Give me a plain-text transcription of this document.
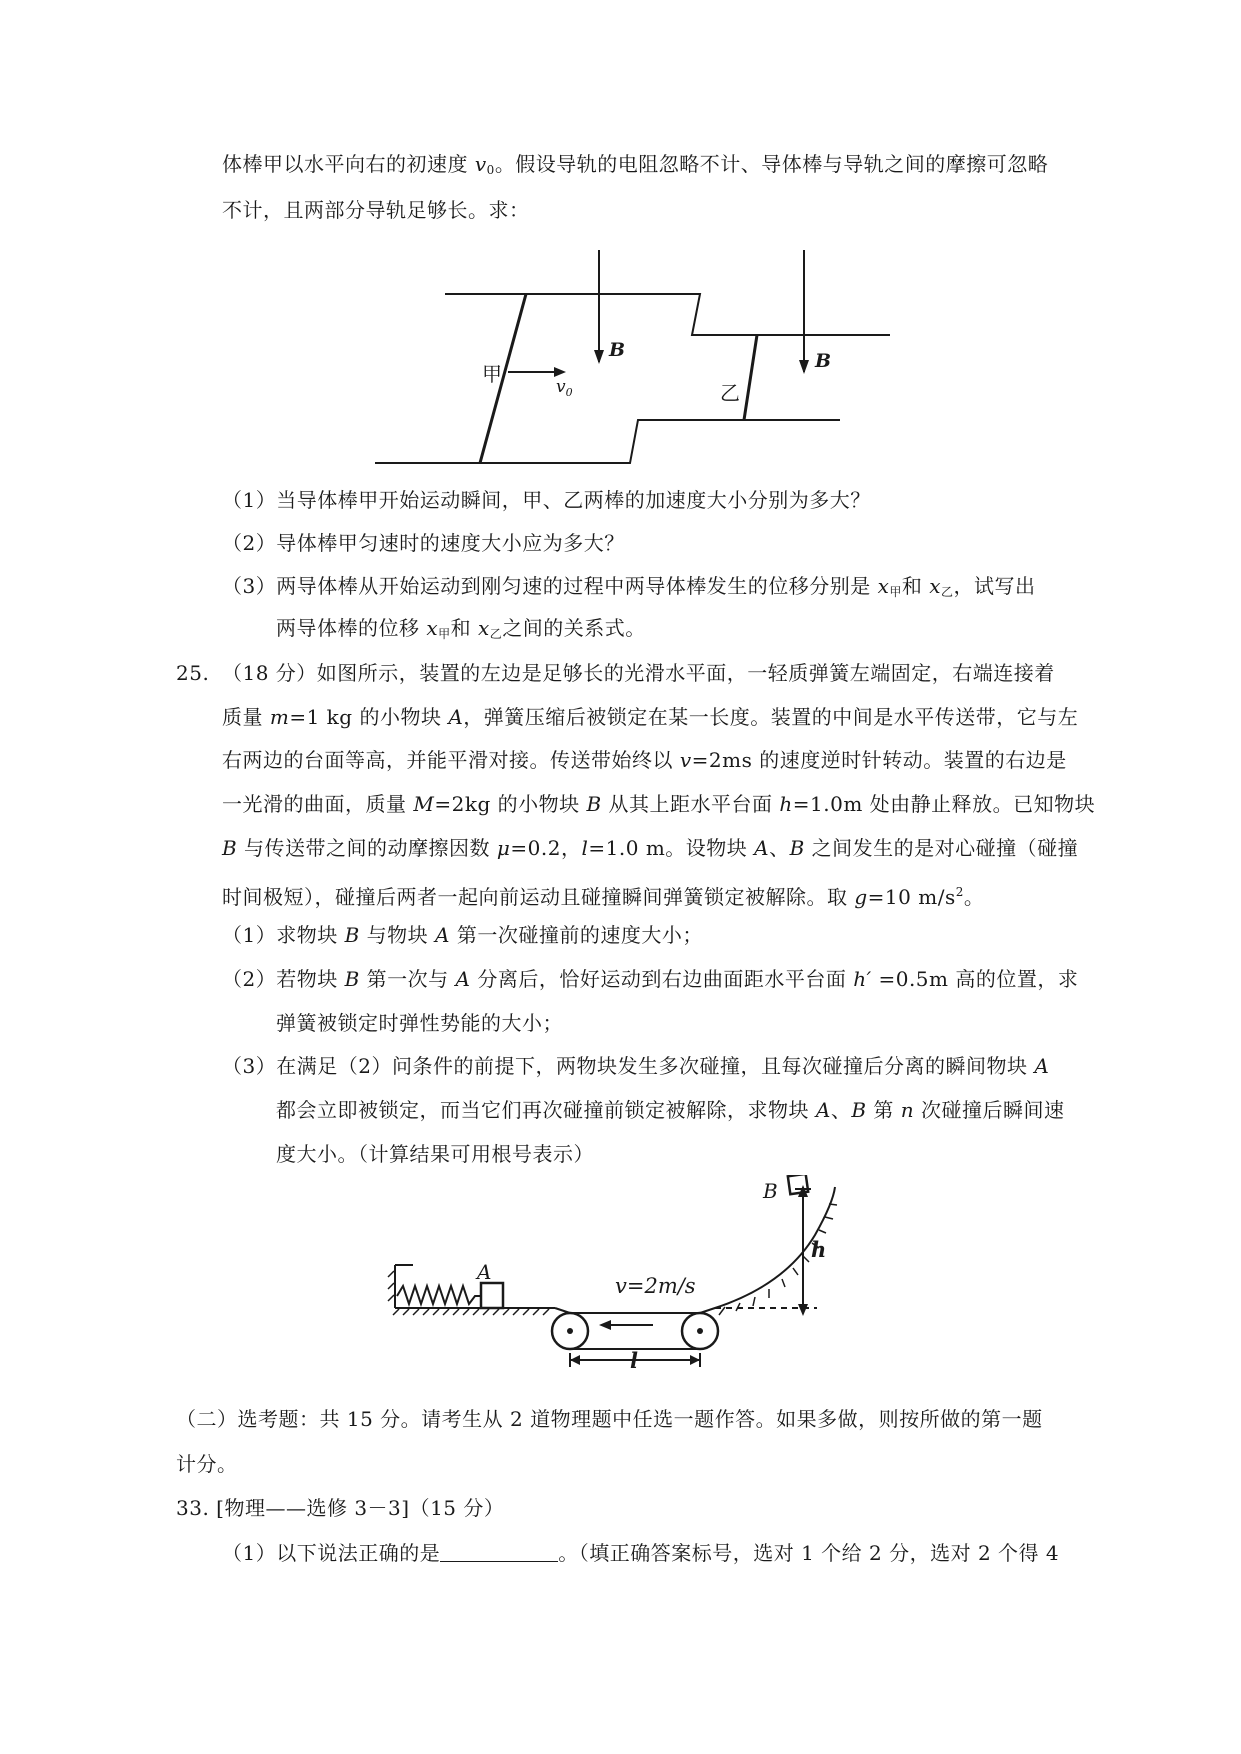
体棒甲以水平向右的初速度 $v_0$。假设导轨的电阻忽略不计、导体棒与导轨之间的摩擦可忽略
不计，且两部分导轨足够长。求：
甲
乙
B	B
$v_0$
（1）当导体棒甲开始运动瞬间，甲、乙两棒的加速度大小分别为多大？
（2）导体棒甲匀速时的速度大小应为多大？
（3）两导体棒从开始运动到刚匀速的过程中两导体棒发生的位移分别是 $x_甲$和 $x_乙$，试写出
两导体棒的位移 $x_甲$和 $x_乙$之间的关系式。
25. （18 分）如图所示，装置的左边是足够长的光滑水平面，一轻质弹簧左端固定，右端连接着
质量 m=1 kg 的小物块 A，弹簧压缩后被锁定在某一长度。装置的中间是水平传送带，它与左
右两边的台面等高，并能平滑对接。传送带始终以 v=2ms 的速度逆时针转动。装置的右边是
一光滑的曲面，质量 M=2kg 的小物块 B 从其上距水平台面 h=1.0m 处由静止释放。已知物块
B 与传送带之间的动摩擦因数 μ=0.2，l=1.0 m。设物块 A、B 之间发生的是对心碰撞（碰撞
时间极短），碰撞后两者一起向前运动且碰撞瞬间弹簧锁定被解除。取 g=10 $m/s^2$。
（1）求物块 B 与物块 A 第一次碰撞前的速度大小；
（2）若物块 B 第一次与 A 分离后，恰好运动到右边曲面距水平台面 h′ =0.5m 高的位置，求
弹簧被锁定时弹性势能的大小；
（3）在满足（2）问条件的前提下，两物块发生多次碰撞，且每次碰撞后分离的瞬间物块 A
都会立即被锁定，而当它们再次碰撞前锁定被解除，求物块 A、B 第 n 次碰撞后瞬间速
度大小。（计算结果可用根号表示）
A
B
v=2m/s
h
l
（二）选考题：共 15 分。请考生从 2 道物理题中任选一题作答。如果多做，则按所做的第一题
计分。
33. [物理——选修 3－3]（15 分）
（1）以下说法正确的是	。（填正确答案标号，选对 1 个给 2 分，选对 2 个得 4
